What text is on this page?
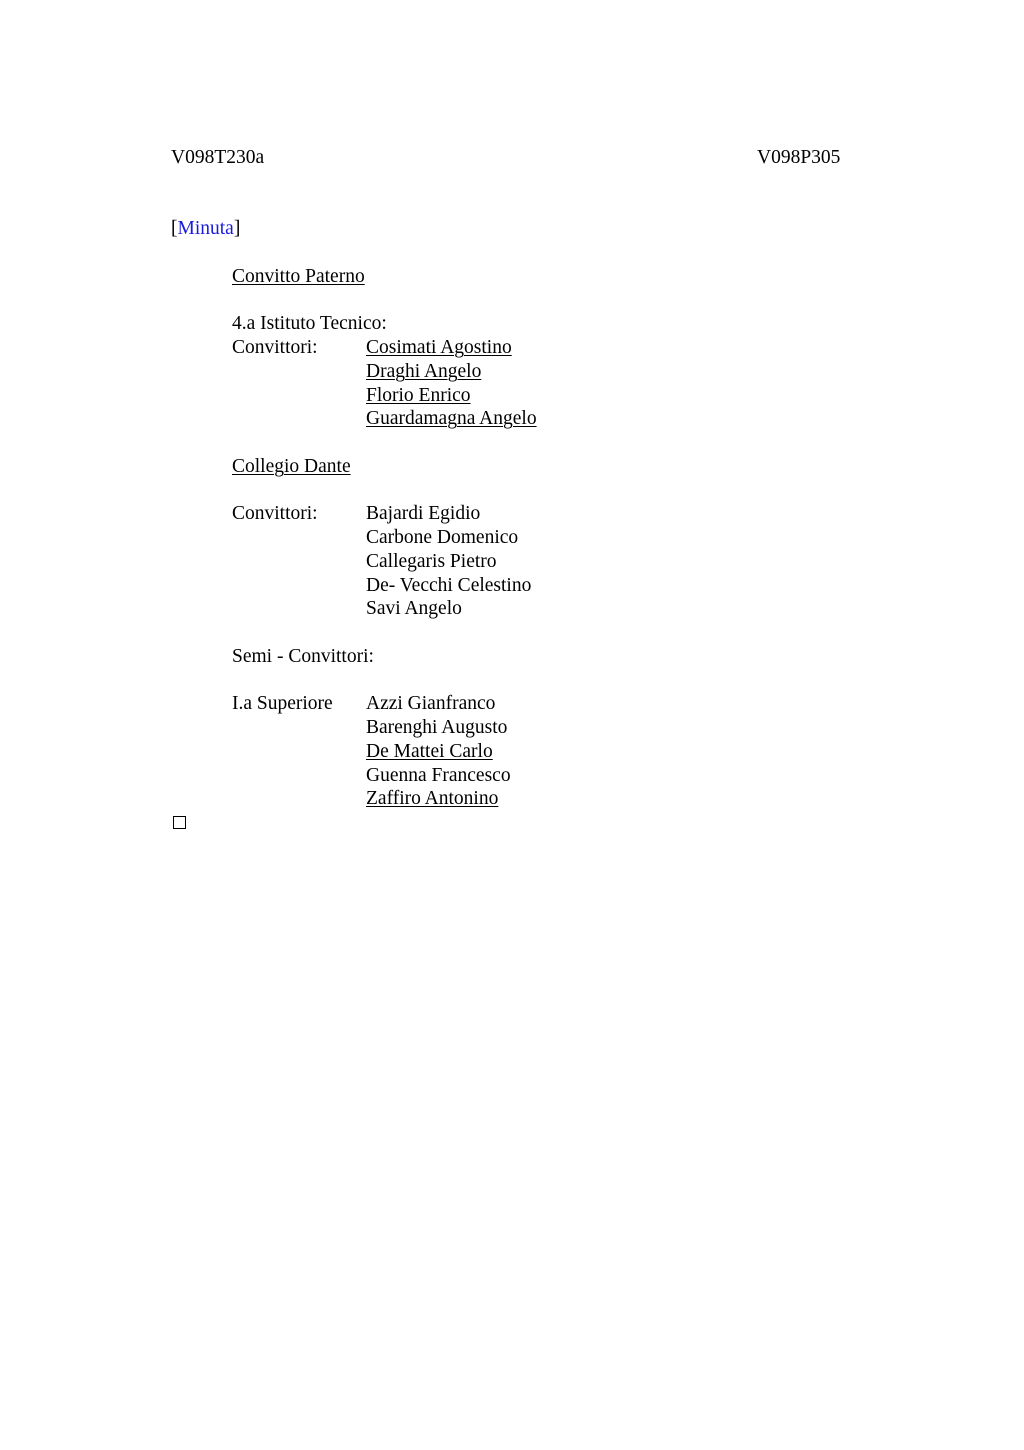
V098T230a	V098P305
[Minuta]
Convitto Paterno
4.a Istituto Tecnico:
Convittori: Cosimati Agostino
Draghi Angelo
Florio Enrico
Guardamagna Angelo
Collegio Dante
Convittori: Bajardi Egidio
Carbone Domenico
Callegaris Pietro
De- Vecchi Celestino
Savi Angelo
Semi - Convittori:
I.a Superiore Azzi Gianfranco
Barenghi Augusto
De Mattei Carlo
Guenna Francesco
Zaffiro Antonino
